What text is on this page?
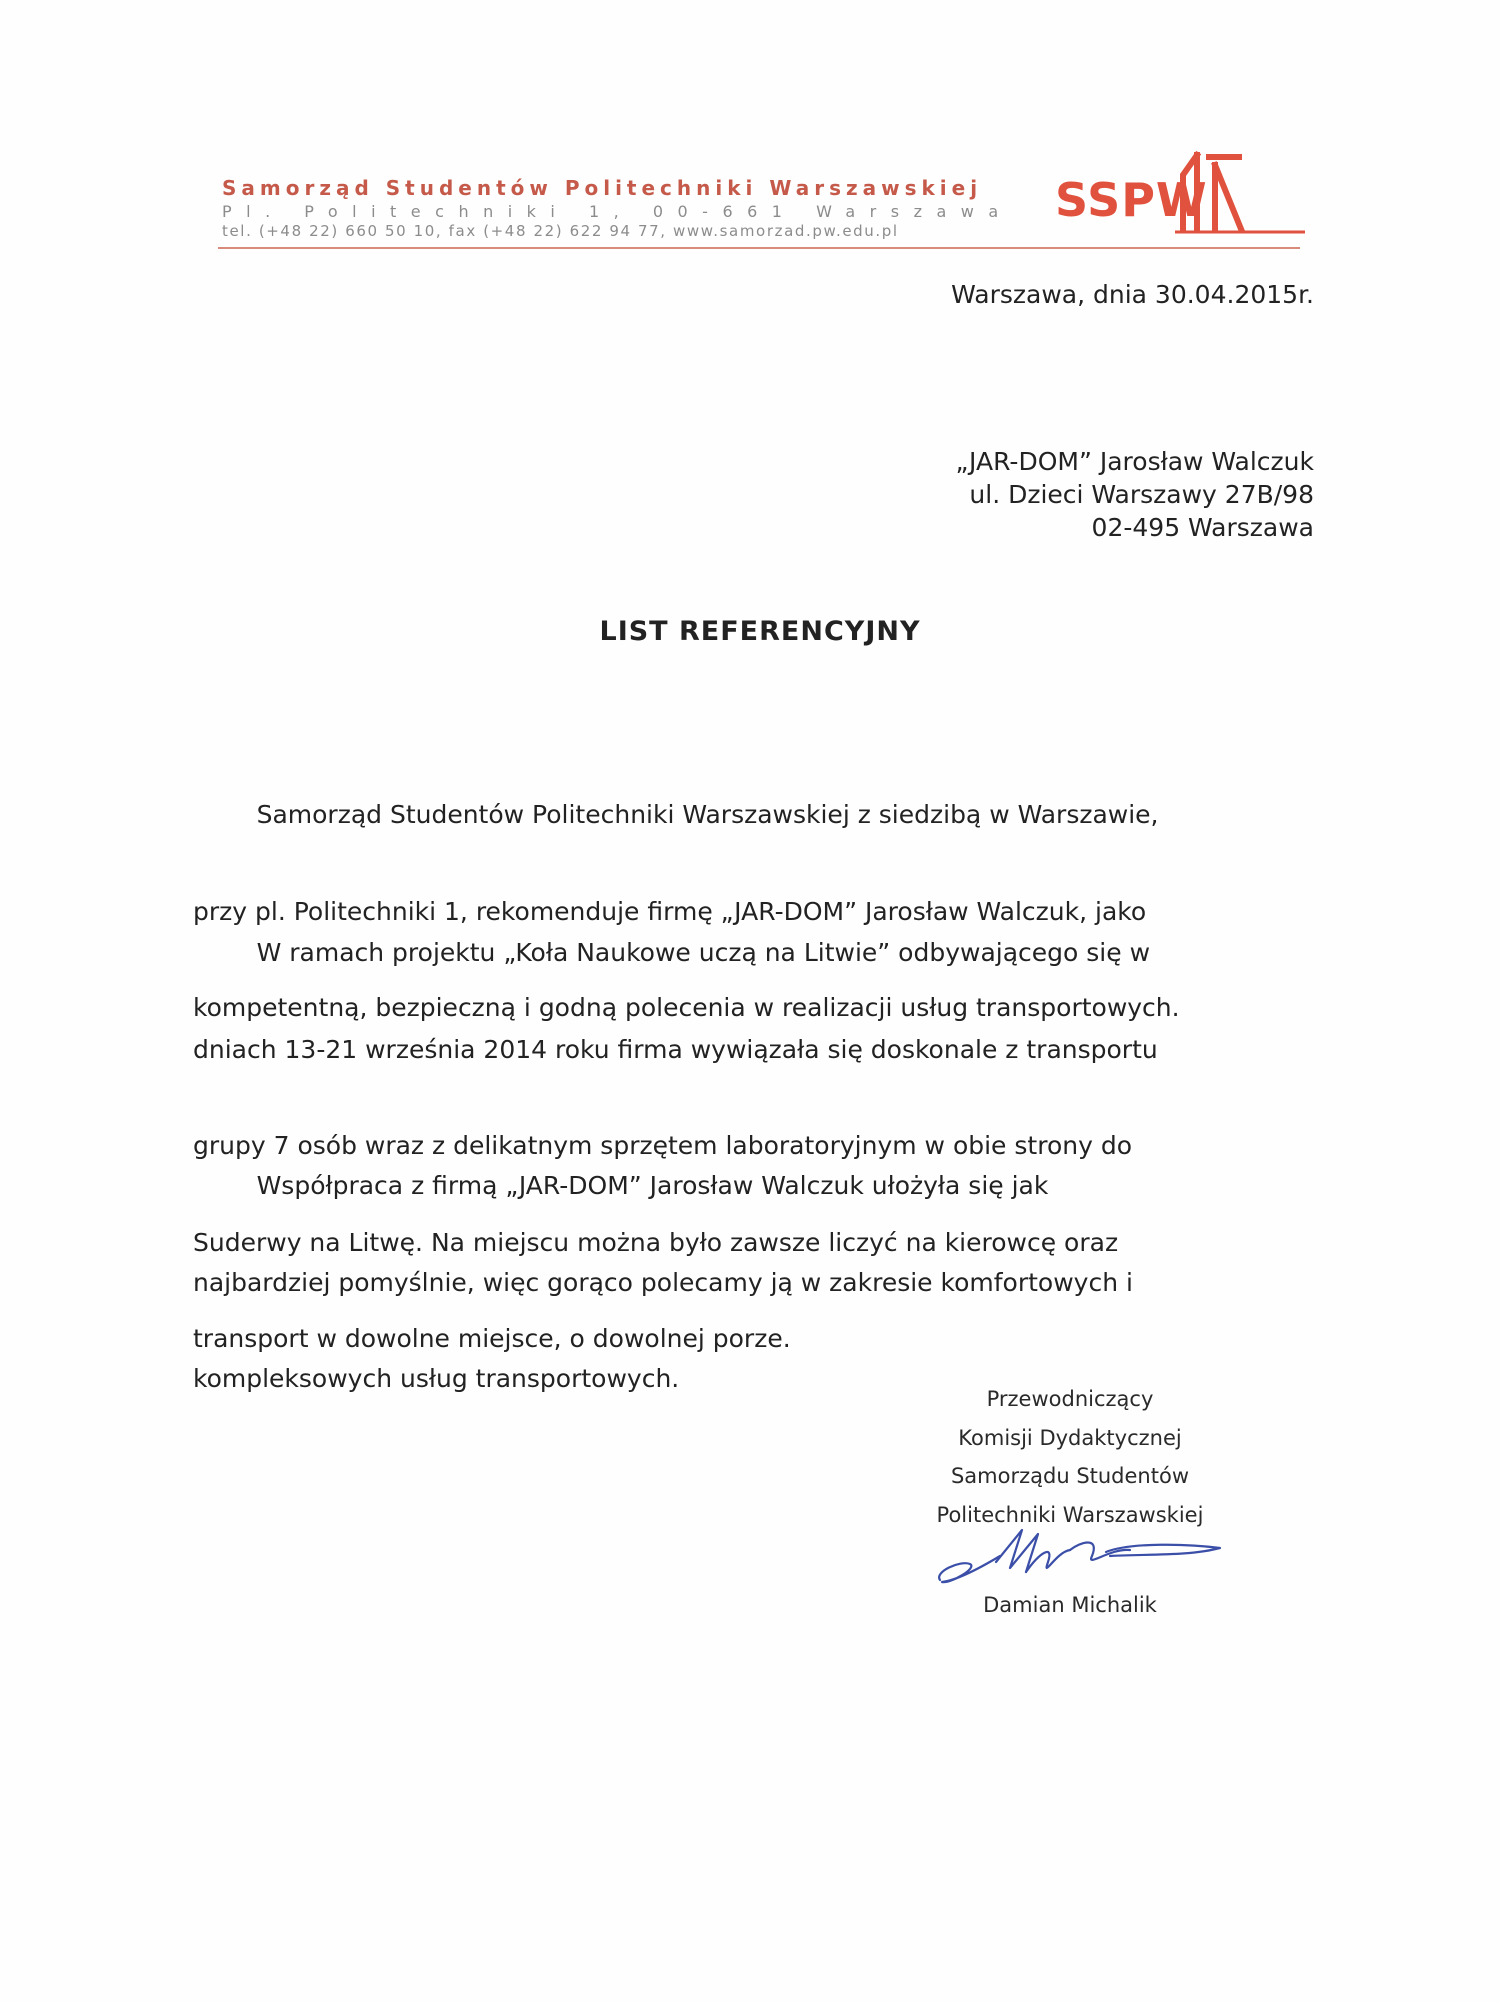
Samorząd Studentów Politechniki Warszawskiej
Pl. Politechniki 1, 00-661 Warszawa
tel. (+48 22) 660 50 10, fax (+48 22) 622 94 77, www.samorzad.pw.edu.pl
SSPW
Warszawa, dnia 30.04.2015r.
„JAR-DOM” Jarosław Walczuk
ul. Dzieci Warszawy 27B/98
02-495 Warszawa
LIST REFERENCYJNY

Samorząd Studentów Politechniki Warszawskiej z siedzibą w Warszawie,

przy pl. Politechniki 1, rekomenduje firmę „JAR-DOM” Jarosław Walczuk, jako

kompetentną, bezpieczną i godną polecenia w realizacji usług transportowych.

W ramach projektu „Koła Naukowe uczą na Litwie” odbywającego się w

dniach 13-21 września 2014 roku firma wywiązała się doskonale z transportu

grupy 7 osób wraz z delikatnym sprzętem laboratoryjnym w obie strony do

Suderwy na Litwę. Na miejscu można było zawsze liczyć na kierowcę oraz

transport w dowolne miejsce, o dowolnej porze.

Współpraca z firmą „JAR-DOM” Jarosław Walczuk ułożyła się jak

najbardziej pomyślnie, więc gorąco polecamy ją w zakresie komfortowych i

kompleksowych usług transportowych.

Przewodniczący
Komisji Dydaktycznej
Samorządu Studentów
Politechniki Warszawskiej
Damian Michalik
